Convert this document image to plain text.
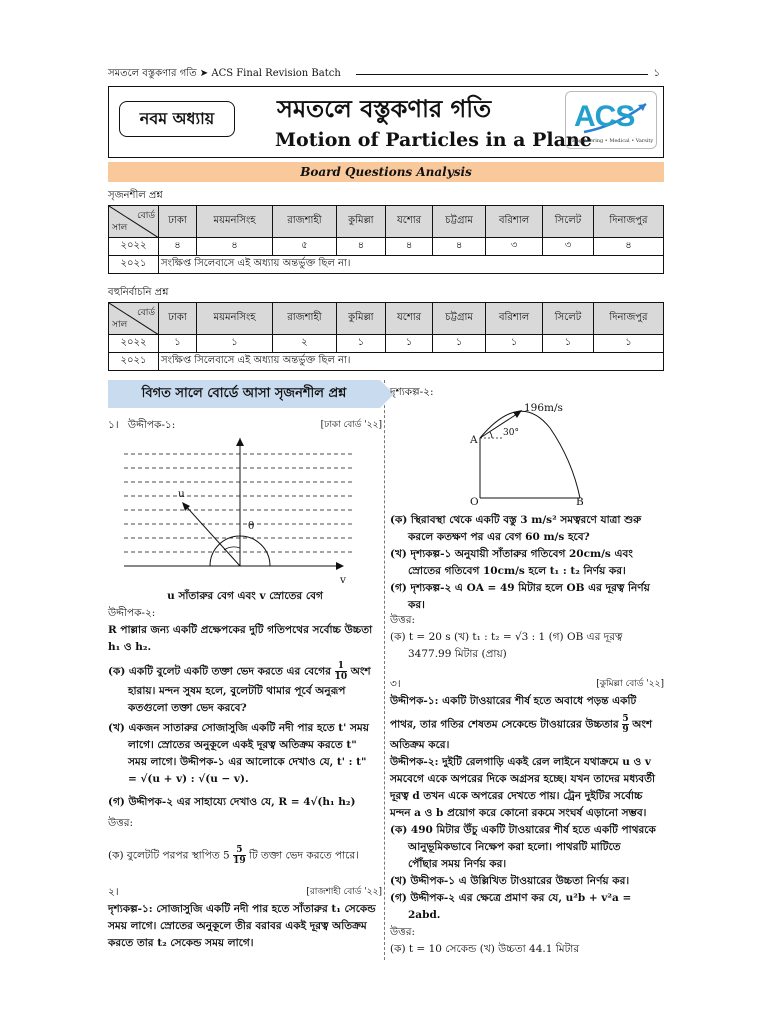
সমতলে বস্তুকণার গতি ➤ ACS Final Revision Batch	১
নবম অধ্যায়	সমতলে বস্তুকণার গতি
Motion of Particles in a Plane
ACS
Engineering • Medical • Varsity
Board Questions Analysis
সৃজনশীল প্রশ্ন
বোর্ড
সাল	ঢাকা	ময়মনসিংহ	রাজশাহী	কুমিল্লা	যশোর	চট্টগ্রাম	বরিশাল	সিলেট	দিনাজপুর
২০২২	৪	৪	৫	৪	৪	৪	৩	৩	৪
২০২১	সংক্ষিপ্ত সিলেবাসে এই অধ্যায় অন্তর্ভুক্ত ছিল না।								
বহুনির্বাচনি প্রশ্ন
বোর্ড
সাল	ঢাকা	ময়মনসিংহ	রাজশাহী	কুমিল্লা	যশোর	চট্টগ্রাম	বরিশাল	সিলেট	দিনাজপুর
২০২২	১	১	২	১	১	১	১	১	১
২০২১	সংক্ষিপ্ত সিলেবাসে এই অধ্যায় অন্তর্ভুক্ত ছিল না।								
বিগত সালে বোর্ডে আসা সৃজনশীল প্রশ্ন
১। উদ্দীপক-১:	[ঢাকা বোর্ড '২২]
u
θ
v
u সাঁতারুর বেগ এবং v স্রোতের বেগ
উদ্দীপক-২:
R পাল্লার জন্য একটি প্রক্ষেপকের দুটি গতিপথের সর্বোচ্চ উচ্চতা
h₁ ও h₂.
(ক) একটি বুলেট একটি তক্তা ভেদ করতে এর বেগের $\frac{1}{10}$ অংশ
হারায়। মন্দন সুষম হলে, বুলেটটি থামার পূর্বে অনুরূপ
কতগুলো তক্তা ভেদ করবে?
(খ) একজন সাতারুর সোজাসুজি একটি নদী পার হতে t' সময়
লাগে। স্রোতের অনুকূলে একই দূরত্ব অতিক্রম করতে t"
সময় লাগে। উদ্দীপক-১ এর আলোকে দেখাও যে, t' : t"
= √(u + v) : √(u − v).
(গ) উদ্দীপক-২ এর সাহায্যে দেখাও যে, R = 4√(h₁ h₂)
উত্তর:
(ক) বুলেটটি পরপর স্থাপিত $5 \frac{5}{19}$ টি তক্তা ভেদ করতে পারে।
২।	[রাজশাহী বোর্ড '২২]
দৃশ্যকল্প-১: সোজাসুজি একটি নদী পার হতে সাঁতারুর t₁ সেকেন্ড
সময় লাগে। স্রোতের অনুকূলে তীর বরাবর একই দূরত্ব অতিক্রম
করতে তার t₂ সেকেন্ড সময় লাগে।
দৃশ্যকল্প-২:
196m/s
30°
A
O	B
(ক) স্থিরাবস্থা থেকে একটি বস্তু 3 m/s² সমত্বরণে যাত্রা শুরু
করলে কতক্ষণ পর এর বেগ 60 m/s হবে?
(খ) দৃশ্যকল্প-১ অনুযায়ী সাঁতারুর গতিবেগ 20cm/s এবং
স্রোতের গতিবেগ 10cm/s হলে t₁ : t₂ নির্ণয় কর।
(গ) দৃশ্যকল্প-২ এ OA = 49 মিটার হলে OB এর দূরত্ব নির্ণয়
কর।
উত্তর:
(ক) t = 20 s (খ) t₁ : t₂ = √3 : 1 (গ) OB এর দূরত্ব
3477.99 মিটার (প্রায়)
৩।	[কুমিল্লা বোর্ড '২২]
উদ্দীপক-১: একটি টাওয়ারের শীর্ষ হতে অবাধে পড়ন্ত একটি
পাথর, তার গতির শেষতম সেকেন্ডে টাওয়ারের উচ্চতার $\frac{5}{9}$ অংশ
অতিক্রম করে।
উদ্দীপক-২: দুইটি রেলগাড়ি একই রেল লাইনে যথাক্রমে u ও v
সমবেগে একে অপরের দিকে অগ্রসর হচ্ছে। যখন তাদের মধ্যবর্তী
দূরত্ব d তখন একে অপরের দেখতে পায়। ট্রেন দুইটির সর্বোচ্চ
মন্দন a ও b প্রয়োগ করে কোনো রকমে সংঘর্ষ এড়ানো সম্ভব।
(ক) 490 মিটার উঁচু একটি টাওয়ারের শীর্ষ হতে একটি পাথরকে
আনুভূমিকভাবে নিক্ষেপ করা হলো। পাথরটি মাটিতে
পৌঁছার সময় নির্ণয় কর।
(খ) উদ্দীপক-১ এ উল্লিখিত টাওয়ারের উচ্চতা নির্ণয় কর।
(গ) উদ্দীপক-২ এর ক্ষেত্রে প্রমাণ কর যে, u²b + v²a =
2abd.
উত্তর:
(ক) t = 10 সেকেন্ড (খ) উচ্চতা 44.1 মিটার
